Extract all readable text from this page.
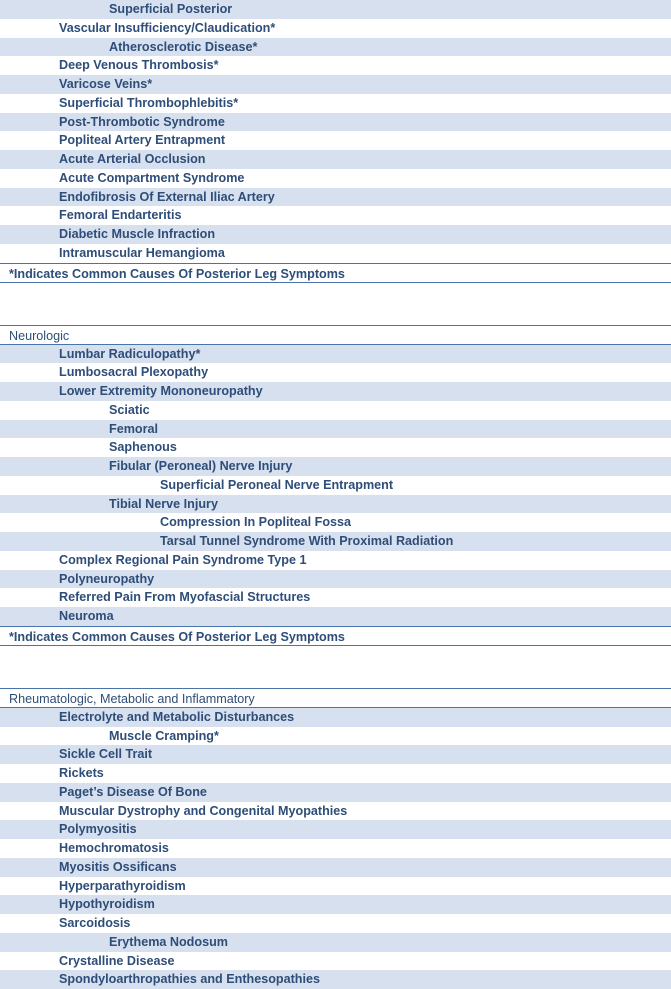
Superficial Posterior
Vascular Insufficiency/Claudication*
Atherosclerotic Disease*
Deep Venous Thrombosis*
Varicose Veins*
Superficial Thrombophlebitis*
Post-Thrombotic Syndrome
Popliteal Artery Entrapment
Acute Arterial Occlusion
Acute Compartment Syndrome
Endofibrosis Of External Iliac Artery
Femoral Endarteritis
Diabetic Muscle Infraction
Intramuscular Hemangioma
*Indicates Common Causes Of Posterior Leg Symptoms
Neurologic
Lumbar Radiculopathy*
Lumbosacral Plexopathy
Lower Extremity Mononeuropathy
Sciatic
Femoral
Saphenous
Fibular (Peroneal) Nerve Injury
Superficial Peroneal Nerve Entrapment
Tibial Nerve Injury
Compression In Popliteal Fossa
Tarsal Tunnel Syndrome With Proximal Radiation
Complex Regional Pain Syndrome Type 1
Polyneuropathy
Referred Pain From Myofascial Structures
Neuroma
*Indicates Common Causes Of Posterior Leg Symptoms
Rheumatologic, Metabolic and Inflammatory
Electrolyte and Metabolic Disturbances
Muscle Cramping*
Sickle Cell Trait
Rickets
Paget’s Disease Of Bone
Muscular Dystrophy and Congenital Myopathies
Polymyositis
Hemochromatosis
Myositis Ossificans
Hyperparathyroidism
Hypothyroidism
Sarcoidosis
Erythema Nodosum
Crystalline Disease
Spondyloarthropathies and Enthesopathies
